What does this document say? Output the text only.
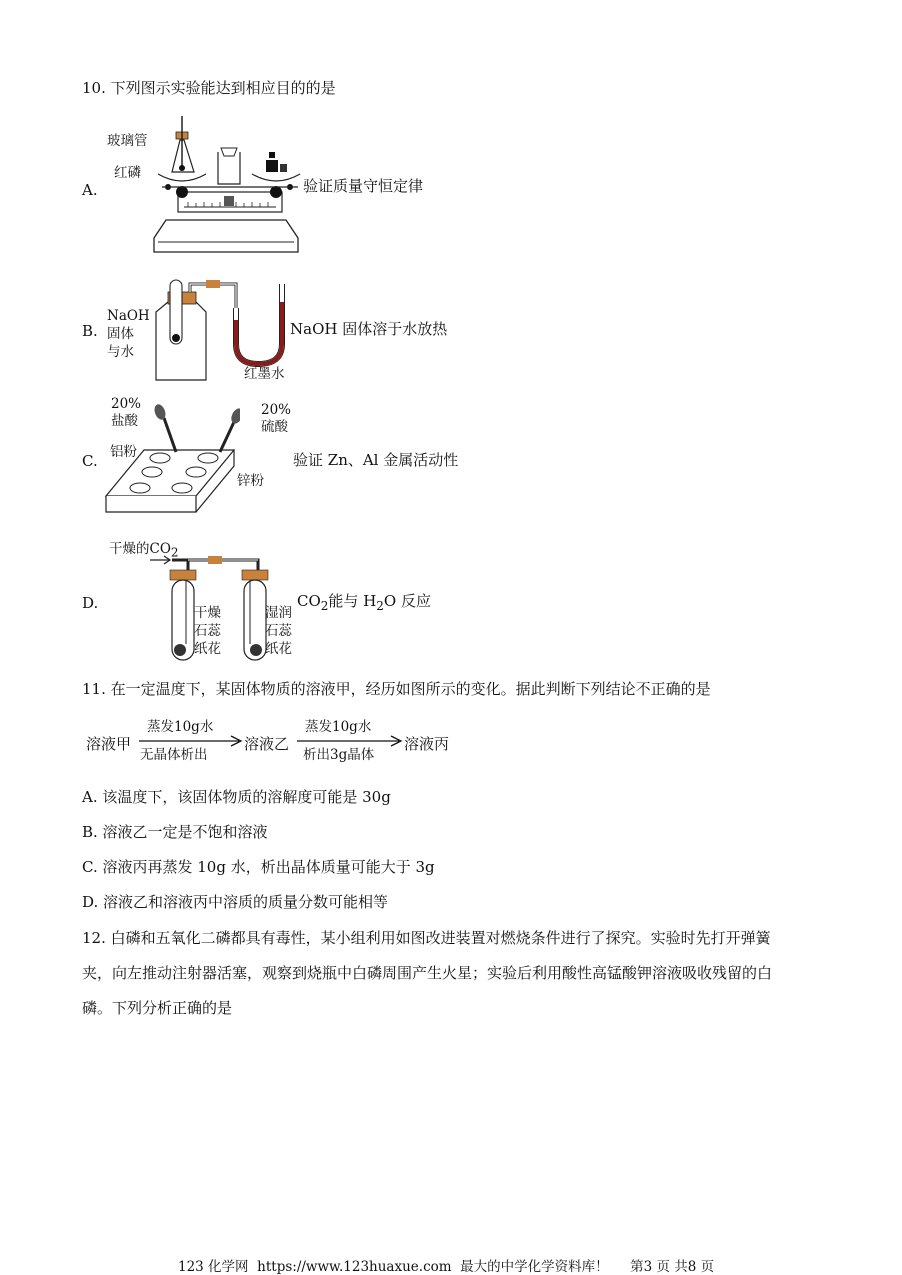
10. 下列图示实验能达到相应目的的是
A.
玻璃管
红磷
验证质量守恒定律
B.
NaOH
固体
与水
NaOH 固体溶于水放热
红墨水
C.
20%
盐酸
20%
硫酸
铝粉
锌粉
验证 Zn、Al 金属活动性
D.
干燥的$CO_2$
干燥
石蕊
纸花
湿润
石蕊
纸花
$CO_2$能与 $H_2O$ 反应
11. 在一定温度下，某固体物质的溶液甲，经历如图所示的变化。据此判断下列结论不正确的是
溶液甲
蒸发10g水
无晶体析出
溶液乙
蒸发10g水
析出3g晶体
溶液丙
A. 该温度下，该固体物质的溶解度可能是 30g
B. 溶液乙一定是不饱和溶液
C. 溶液丙再蒸发 10g 水，析出晶体质量可能大于 3g
D. 溶液乙和溶液丙中溶质的质量分数可能相等
12. 白磷和五氧化二磷都具有毒性，某小组利用如图改进装置对燃烧条件进行了探究。实验时先打开弹簧
夹，向左推动注射器活塞，观察到烧瓶中白磷周围产生火星；实验后利用酸性高锰酸钾溶液吸收残留的白
磷。下列分析正确的是
123 化学网 https://www.123huaxue.com 最大的中学化学资料库！ 第3 页 共8 页
